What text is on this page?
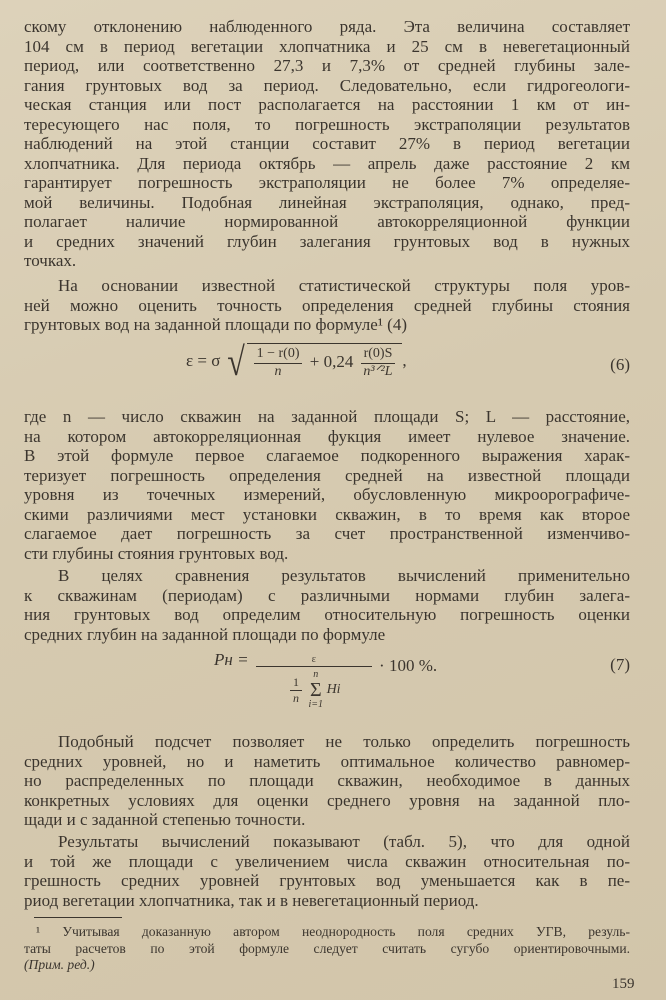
скому отклонению наблюденного ряда. Эта величина составляет
104 см в период вегетации хлопчатника и 25 см в невегетационный
период, или соответственно 27,3 и 7,3% от средней глубины зале-
гания грунтовых вод за период. Следовательно, если гидрогеологи-
ческая станция или пост располагается на расстоянии 1 км от ин-
тересующего нас поля, то погрешность экстраполяции результатов
наблюдений на этой станции составит 27% в период вегетации
хлопчатника. Для периода октябрь — апрель даже расстояние 2 км
гарантирует погрешность экстраполяции не более 7% определяе-
мой величины. Подобная линейная экстраполяция, однако, пред-
полагает наличие нормированной автокорреляционной функции
и средних значений глубин залегания грунтовых вод в нужных
точках.
На основании известной статистической структуры поля уров-
ней можно оценить точность определения средней глубины стояния
грунтовых вод на заданной площади по формуле¹ (4)
ε = σ √ $\frac{1 - r(0)}{n} + 0,24 \frac{r(0)S}{\text{n³ᐟ²L}}$ ,	(6)
где n — число скважин на заданной площади S; L — расстояние,
на котором автокорреляционная фукция имеет нулевое значение.
В этой формуле первое слагаемое подкоренного выражения харак-
теризует погрешность определения средней на известной площади
уровня из точечных измерений, обусловленную микроорографиче-
скими различиями мест установки скважин, в то время как второе
слагаемое дает погрешность за счет пространственной изменчиво-
сти глубины стояния грунтовых вод.
В целях сравнения результатов вычислений применительно
к скважинам (периодам) с различными нормами глубин залега-
ния грунтовых вод определим относительную погрешность оценки
средних глубин на заданной площади по формуле
Pн = ε
$\frac{1}{n}$

n
Σ
i=1
Hi · 100 %.	(7)
Подобный подсчет позволяет не только определить погрешность
средних уровней, но и наметить оптимальное количество равномер-
но распределенных по площади скважин, необходимое в данных
конкретных условиях для оценки среднего уровня на заданной пло-
щади и с заданной степенью точности.
Результаты вычислений показывают (табл. 5), что для одной
и той же площади с увеличением числа скважин относительная по-
грешность средних уровней грунтовых вод уменьшается как в пе-
риод вегетации хлопчатника, так и в невегетационный период.
¹ Учитывая доказанную автором неоднородность поля средних УГВ, резуль-
таты расчетов по этой формуле следует считать сугубо ориентировочными.
(Прим. ред.)
159
